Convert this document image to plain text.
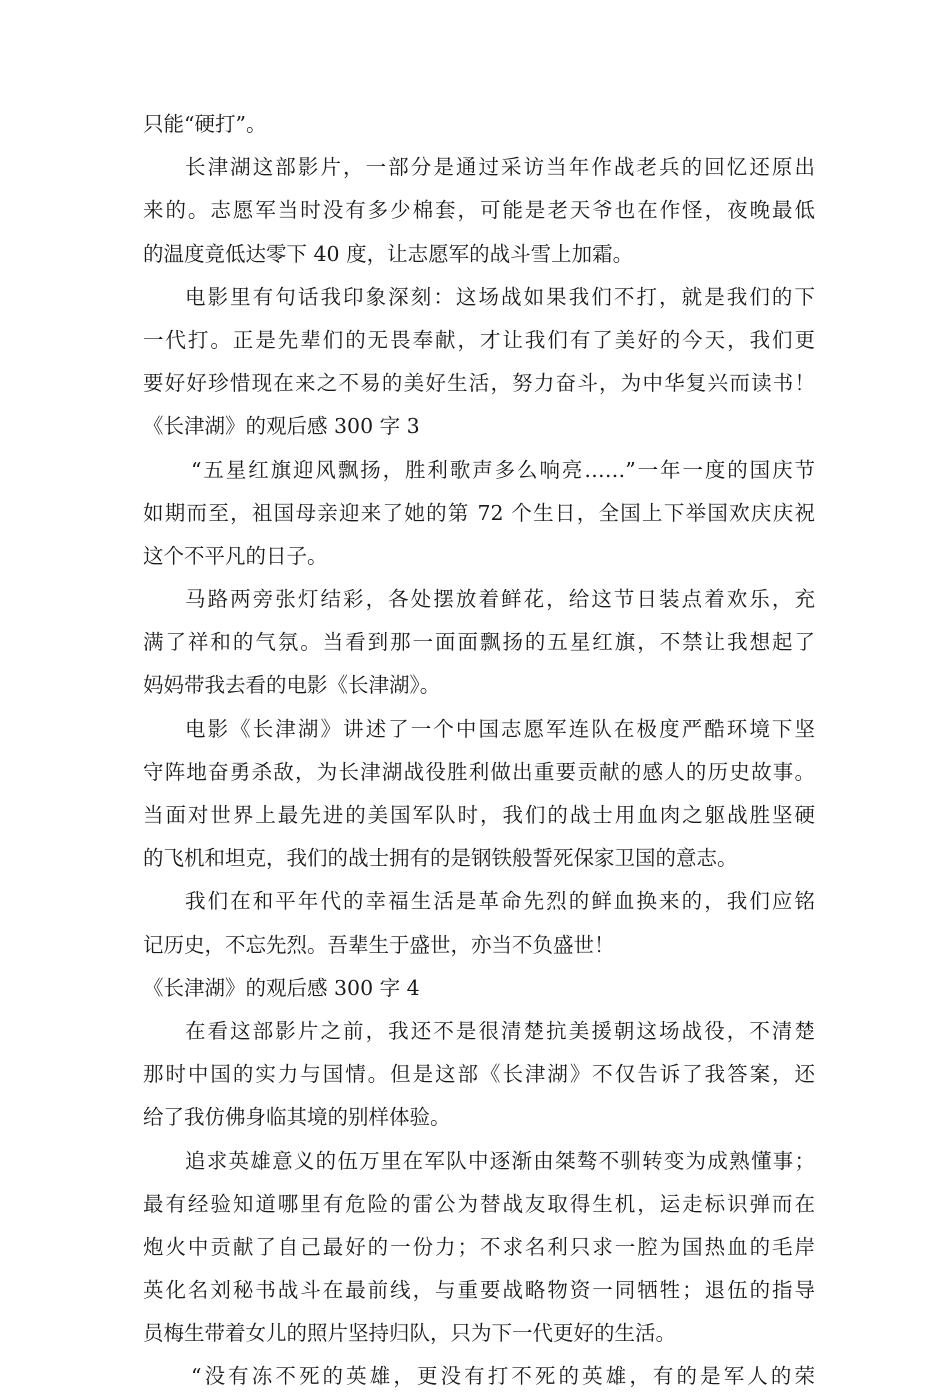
只能“硬打”。

长津湖这部影片，一部分是通过采访当年作战老兵的回忆还原出

来的。志愿军当时没有多少棉套，可能是老天爷也在作怪，夜晚最低

的温度竟低达零下 40 度，让志愿军的战斗雪上加霜。

电影里有句话我印象深刻：这场战如果我们不打，就是我们的下

一代打。正是先辈们的无畏奉献，才让我们有了美好的今天，我们更

要好好珍惜现在来之不易的美好生活，努力奋斗，为中华复兴而读书！

《长津湖》的观后感 300 字 3

“五星红旗迎风飘扬，胜利歌声多么响亮……”一年一度的国庆节

如期而至，祖国母亲迎来了她的第 72 个生日，全国上下举国欢庆庆祝

这个不平凡的日子。

马路两旁张灯结彩，各处摆放着鲜花，给这节日装点着欢乐，充

满了祥和的气氛。当看到那一面面飘扬的五星红旗，不禁让我想起了

妈妈带我去看的电影《长津湖》。

电影《长津湖》讲述了一个中国志愿军连队在极度严酷环境下坚

守阵地奋勇杀敌，为长津湖战役胜利做出重要贡献的感人的历史故事。

当面对世界上最先进的美国军队时，我们的战士用血肉之躯战胜坚硬

的飞机和坦克，我们的战士拥有的是钢铁般誓死保家卫国的意志。

我们在和平年代的幸福生活是革命先烈的鲜血换来的，我们应铭

记历史，不忘先烈。吾辈生于盛世，亦当不负盛世！

《长津湖》的观后感 300 字 4

在看这部影片之前，我还不是很清楚抗美援朝这场战役，不清楚

那时中国的实力与国情。但是这部《长津湖》不仅告诉了我答案，还

给了我仿佛身临其境的别样体验。

追求英雄意义的伍万里在军队中逐渐由桀骜不驯转变为成熟懂事；

最有经验知道哪里有危险的雷公为替战友取得生机，运走标识弹而在

炮火中贡献了自己最好的一份力；不求名利只求一腔为国热血的毛岸

英化名刘秘书战斗在最前线，与重要战略物资一同牺牲；退伍的指导

员梅生带着女儿的照片坚持归队，只为下一代更好的生活。

“没有冻不死的英雄，更没有打不死的英雄，有的是军人的荣
